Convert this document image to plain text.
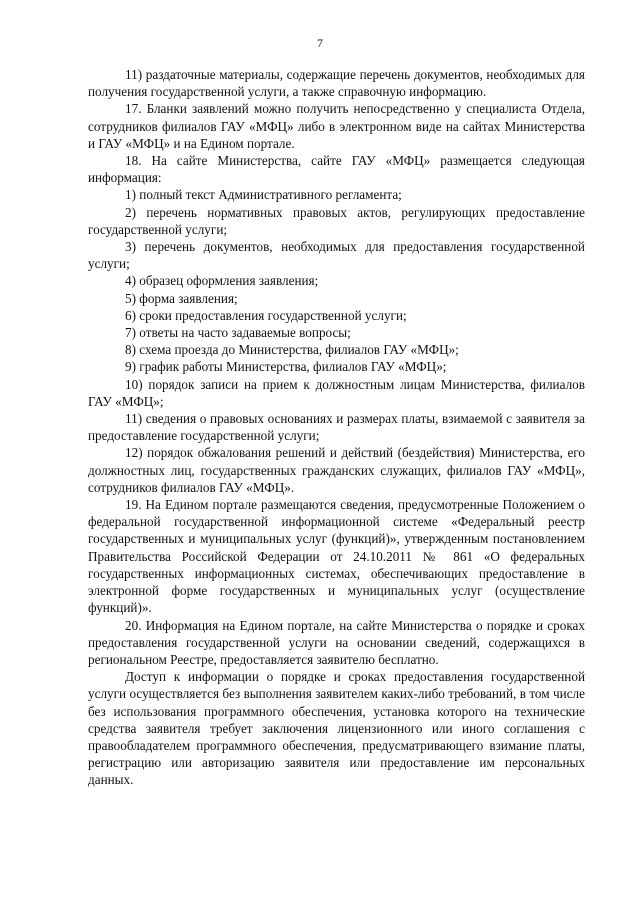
7

11) раздаточные материалы, содержащие перечень документов, необходимых для получения государственной услуги, а также справочную информацию.

17. Бланки заявлений можно получить непосредственно у специалиста Отдела, сотрудников филиалов ГАУ «МФЦ» либо в электронном виде на сайтах Министерства и ГАУ «МФЦ» и на Едином портале.

18. На сайте Министерства, сайте ГАУ «МФЦ» размещается следующая информация:

1) полный текст Административного регламента;

2) перечень нормативных правовых актов, регулирующих предоставление государственной услуги;

3) перечень документов, необходимых для предоставления государственной услуги;

4) образец оформления заявления;

5) форма заявления;

6) сроки предоставления государственной услуги;

7) ответы на часто задаваемые вопросы;

8) схема проезда до Министерства, филиалов ГАУ «МФЦ»;

9) график работы Министерства, филиалов ГАУ «МФЦ»;

10) порядок записи на прием к должностным лицам Министерства, филиалов ГАУ «МФЦ»;

11) сведения о правовых основаниях и размерах платы, взимаемой с заявителя за предоставление государственной услуги;

12) порядок обжалования решений и действий (бездействия) Министерства, его должностных лиц, государственных гражданских служащих, филиалов ГАУ «МФЦ», сотрудников филиалов ГАУ «МФЦ».

19. На Едином портале размещаются сведения, предусмотренные Положением о федеральной государственной информационной системе «Федеральный реестр государственных и муниципальных услуг (функций)», утвержденным постановлением Правительства Российской Федерации от 24.10.2011 № 861 «О федеральных государственных информационных системах, обеспечивающих предоставление в электронной форме государственных и муниципальных услуг (осуществление функций)».

20. Информация на Едином портале, на сайте Министерства о порядке и сроках предоставления государственной услуги на основании сведений, содержащихся в региональном Реестре, предоставляется заявителю бесплатно.

Доступ к информации о порядке и сроках предоставления государственной услуги осуществляется без выполнения заявителем каких-либо требований, в том числе без использования программного обеспечения, установка которого на технические средства заявителя требует заключения лицензионного или иного соглашения с правообладателем программного обеспечения, предусматривающего взимание платы, регистрацию или авторизацию заявителя или предоставление им персональных данных.
